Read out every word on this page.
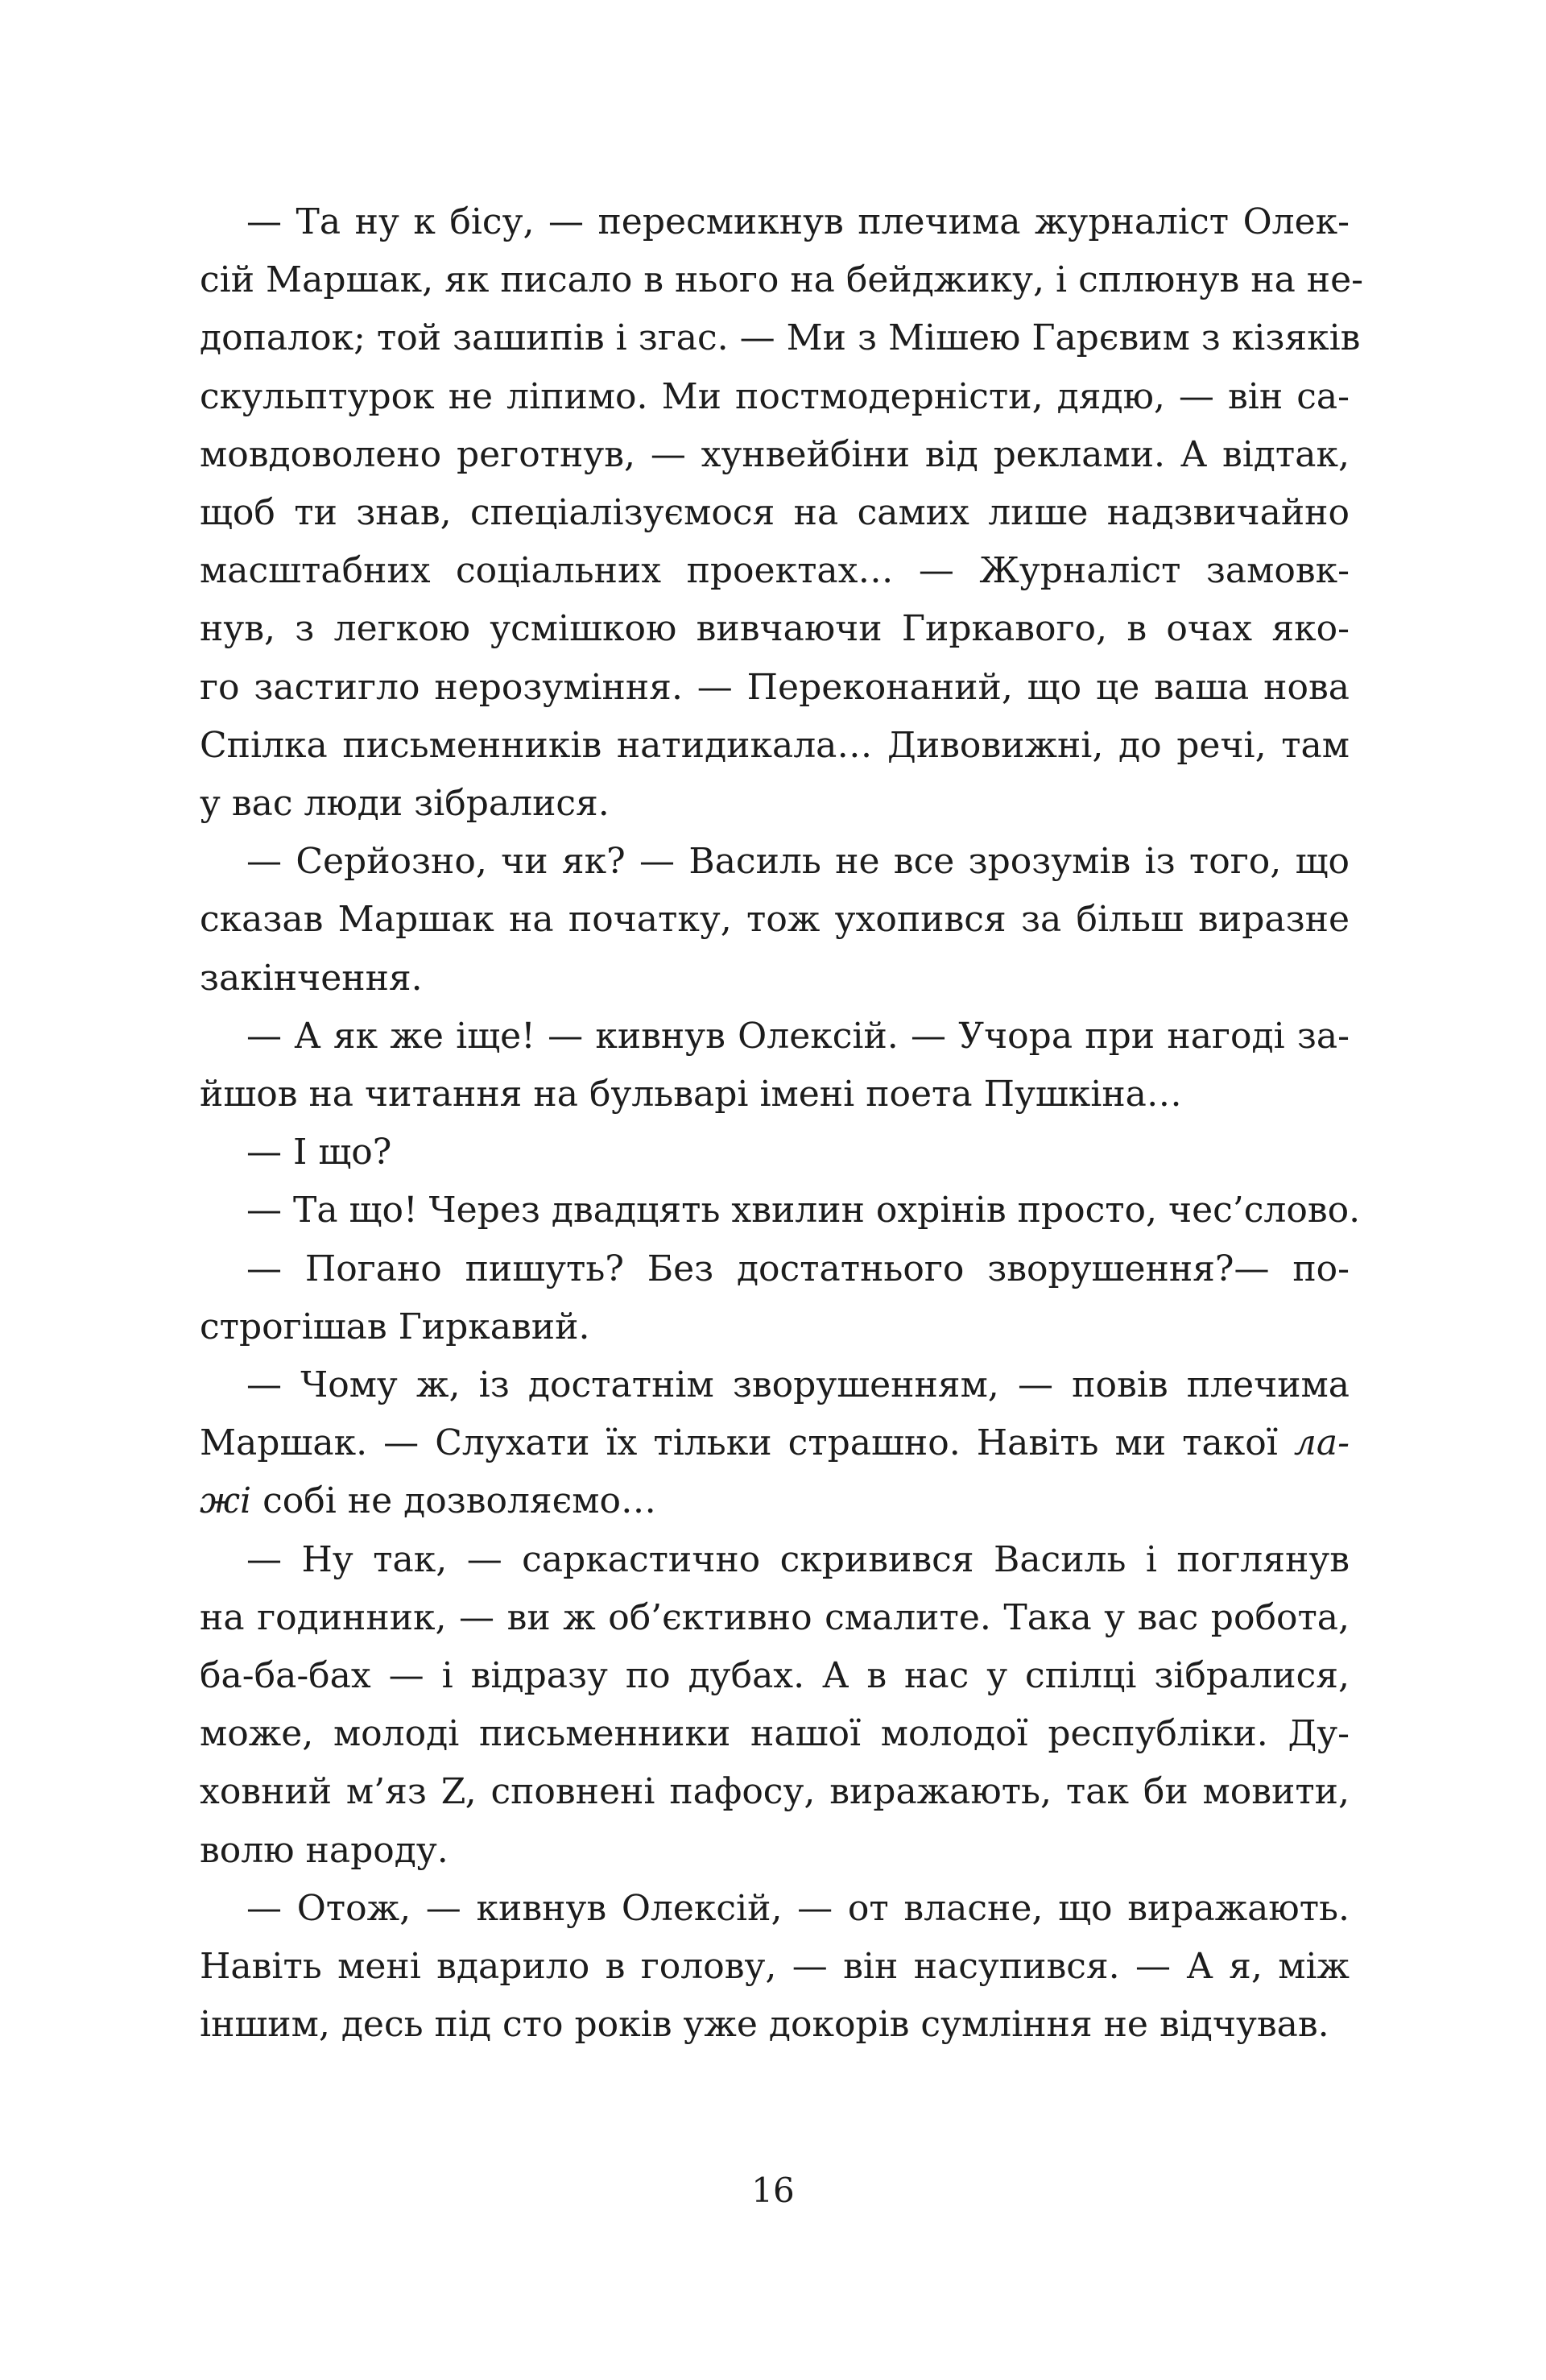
— Та ну к бісу, — пересмикнув плечима журналіст Олек-
сій Маршак, як писало в нього на бейджику, і сплюнув на не-
допалок; той зашипів і згас. — Ми з Мішею Гарєвим з кізяків
скульптурок не ліпимо. Ми постмодерністи, дядю, — він са-
мовдоволено реготнув, — хунвейбіни від реклами. А відтак,
щоб ти знав, спеціалізуємося на самих лише надзвичайно
масштабних соціальних проектах… — Журналіст замовк-
нув, з легкою усмішкою вивчаючи Гиркавого, в очах яко-
го застигло нерозуміння. — Переконаний, що це ваша нова
Спілка письменників натидикала… Дивовижні, до речі, там
у вас люди зібралися.
— Серйозно, чи як? — Василь не все зрозумів із того, що
сказав Маршак на початку, тож ухопився за більш виразне
закінчення.
— А як же іще! — кивнув Олексій. — Учора при нагоді за-
йшов на читання на бульварі імені поета Пушкіна…
— І що?
— Та що! Через двадцять хвилин охрінів просто, чес’слово.
— Погано пишуть? Без достатнього зворушення?— по-
строгішав Гиркавий.
— Чому ж, із достатнім зворушенням, — повів плечима
Маршак. — Слухати їх тільки страшно. Навіть ми такої ла-
жі собі не дозволяємо…
— Ну так, — саркастично скривився Василь і поглянув
на годинник, — ви ж об’єктивно смалите. Така у вас робота,
ба-ба-бах — і відразу по дубах. А в нас у спілці зібралися,
може, молоді письменники нашої молодої республіки. Ду-
ховний м’яз Z, сповнені пафосу, виражають, так би мовити,
волю народу.
— Отож, — кивнув Олексій, — от власне, що виражають.
Навіть мені вдарило в голову, — він насупився. — А я, між
іншим, десь під сто років уже докорів сумління не відчував.
16
